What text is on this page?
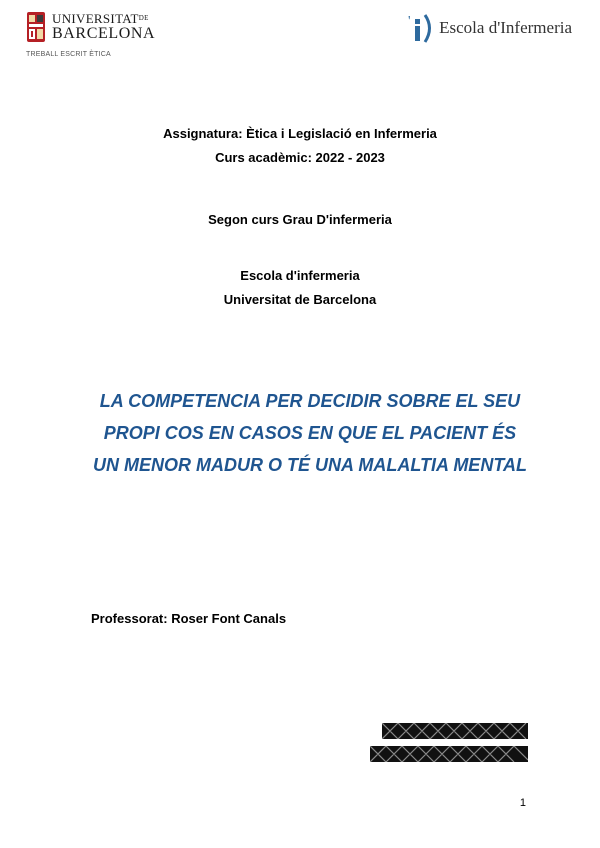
$UNIVERSITAT^{DE}$
BARCELONA
TREBALL ESCRIT ÈTICA
' Escola d'Infermeria
Assignatura: Ètica i Legislació en Infermeria
Curs acadèmic: 2022 - 2023
Segon curs Grau D'infermeria
Escola d'infermeria
Universitat de Barcelona
LA COMPETENCIA PER DECIDIR SOBRE EL SEU PROPI COS EN CASOS EN QUE EL PACIENT ÉS UN MENOR MADUR O TÉ UNA MALALTIA MENTAL
Professorat: Roser Font Canals
1
